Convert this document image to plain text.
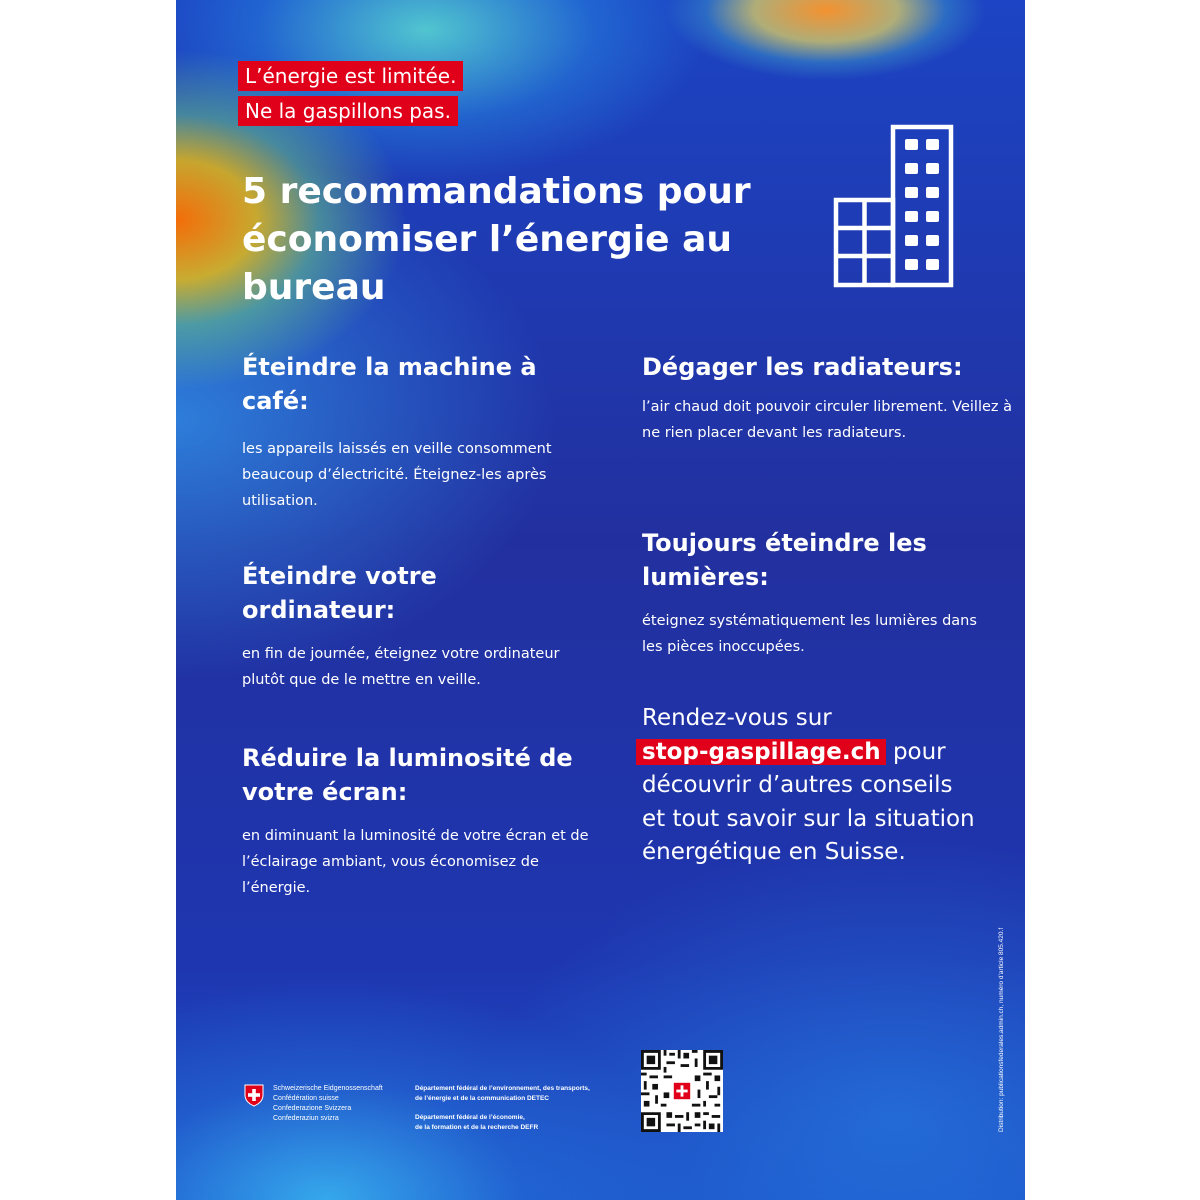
L’énergie est limitée.
Ne la gaspillons pas.
5 recommandations pour économiser l’énergie au bureau
Éteindre la machine à café:

les appareils laissés en veille consomment beaucoup d’électricité. Éteignez-les après utilisation.

Éteindre votre ordinateur:

en fin de journée, éteignez votre ordinateur plutôt que de le mettre en veille.

Réduire la luminosité de votre écran:

en diminuant la luminosité de votre écran et de l’éclairage ambiant, vous économisez de l’énergie.

Dégager les radiateurs:

l’air chaud doit pouvoir circuler librement. Veillez à ne rien placer devant les radiateurs.

Toujours éteindre les lumières:

éteignez systématiquement les lumières dans les pièces inoccupées.

Rendez-vous sur
stop-gaspillage.ch pour
découvrir d’autres conseils
et tout savoir sur la situation
énergétique en Suisse.
Schweizerische Eidgenossenschaft
Confédération suisse
Confederazione Svizzera
Confederaziun svizra
Département fédéral de l’environnement, des transports,
de l’énergie et de la communication DETEC
Département fédéral de l’économie,
de la formation et de la recherche DEFR	Distribution: publicationsfederales.admin.ch, numéro d’article 805.420.f
